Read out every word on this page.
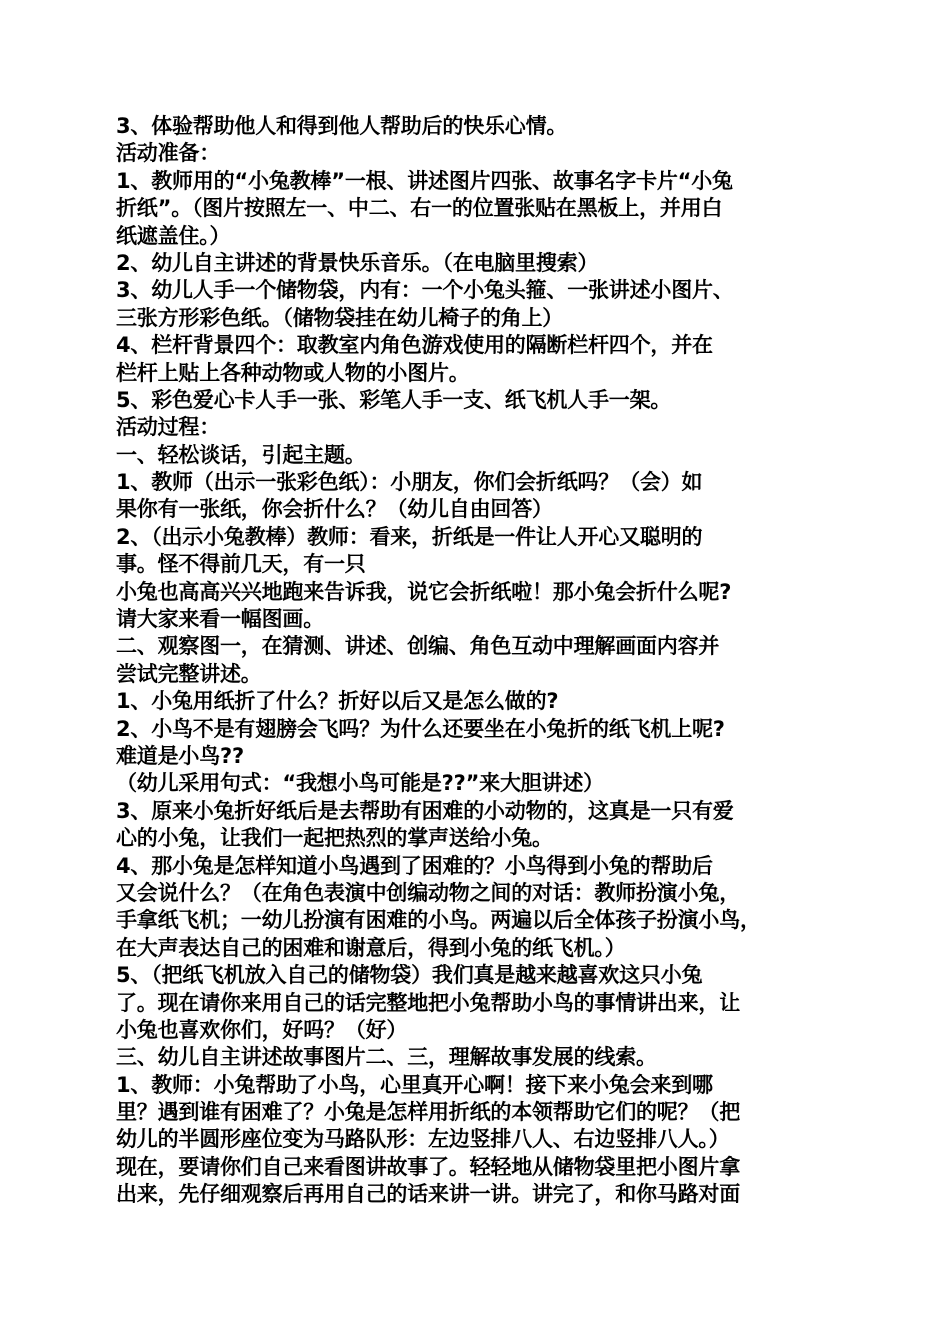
3、体验帮助他人和得到他人帮助后的快乐心情。
活动准备：
1、教师用的“小兔教棒”一根、讲述图片四张、故事名字卡片“小兔
折纸”。（图片按照左一、中二、右一的位置张贴在黑板上，并用白
纸遮盖住。）
2、幼儿自主讲述的背景快乐音乐。（在电脑里搜索）
3、幼儿人手一个储物袋，内有：一个小兔头箍、一张讲述小图片、
三张方形彩色纸。（储物袋挂在幼儿椅子的角上）
4、栏杆背景四个：取教室内角色游戏使用的隔断栏杆四个，并在
栏杆上贴上各种动物或人物的小图片。
5、彩色爱心卡人手一张、彩笔人手一支、纸飞机人手一架。
活动过程：
一、轻松谈话，引起主题。
1、教师（出示一张彩色纸）：小朋友，你们会折纸吗？（会）如
果你有一张纸，你会折什么？（幼儿自由回答）
2、（出示小兔教棒）教师：看来，折纸是一件让人开心又聪明的
事。怪不得前几天，有一只
小兔也高高兴兴地跑来告诉我，说它会折纸啦！那小兔会折什么呢?
请大家来看一幅图画。
二、观察图一，在猜测、讲述、创编、角色互动中理解画面内容并
尝试完整讲述。
1、小兔用纸折了什么？折好以后又是怎么做的?
2、小鸟不是有翅膀会飞吗？为什么还要坐在小兔折的纸飞机上呢?
难道是小鸟??
（幼儿采用句式：“我想小鸟可能是??”来大胆讲述）
3、原来小兔折好纸后是去帮助有困难的小动物的，这真是一只有爱
心的小兔，让我们一起把热烈的掌声送给小兔。
4、那小兔是怎样知道小鸟遇到了困难的？小鸟得到小兔的帮助后
又会说什么？（在角色表演中创编动物之间的对话：教师扮演小兔，
手拿纸飞机；一幼儿扮演有困难的小鸟。两遍以后全体孩子扮演小鸟，
在大声表达自己的困难和谢意后，得到小兔的纸飞机。）
5、（把纸飞机放入自己的储物袋）我们真是越来越喜欢这只小兔
了。现在请你来用自己的话完整地把小兔帮助小鸟的事情讲出来，让
小兔也喜欢你们，好吗？（好）
三、幼儿自主讲述故事图片二、三，理解故事发展的线索。
1、教师：小兔帮助了小鸟，心里真开心啊！接下来小兔会来到哪
里？遇到谁有困难了？小兔是怎样用折纸的本领帮助它们的呢？（把
幼儿的半圆形座位变为马路队形：左边竖排八人、右边竖排八人。）
现在，要请你们自己来看图讲故事了。轻轻地从储物袋里把小图片拿
出来，先仔细观察后再用自己的话来讲一讲。讲完了，和你马路对面
